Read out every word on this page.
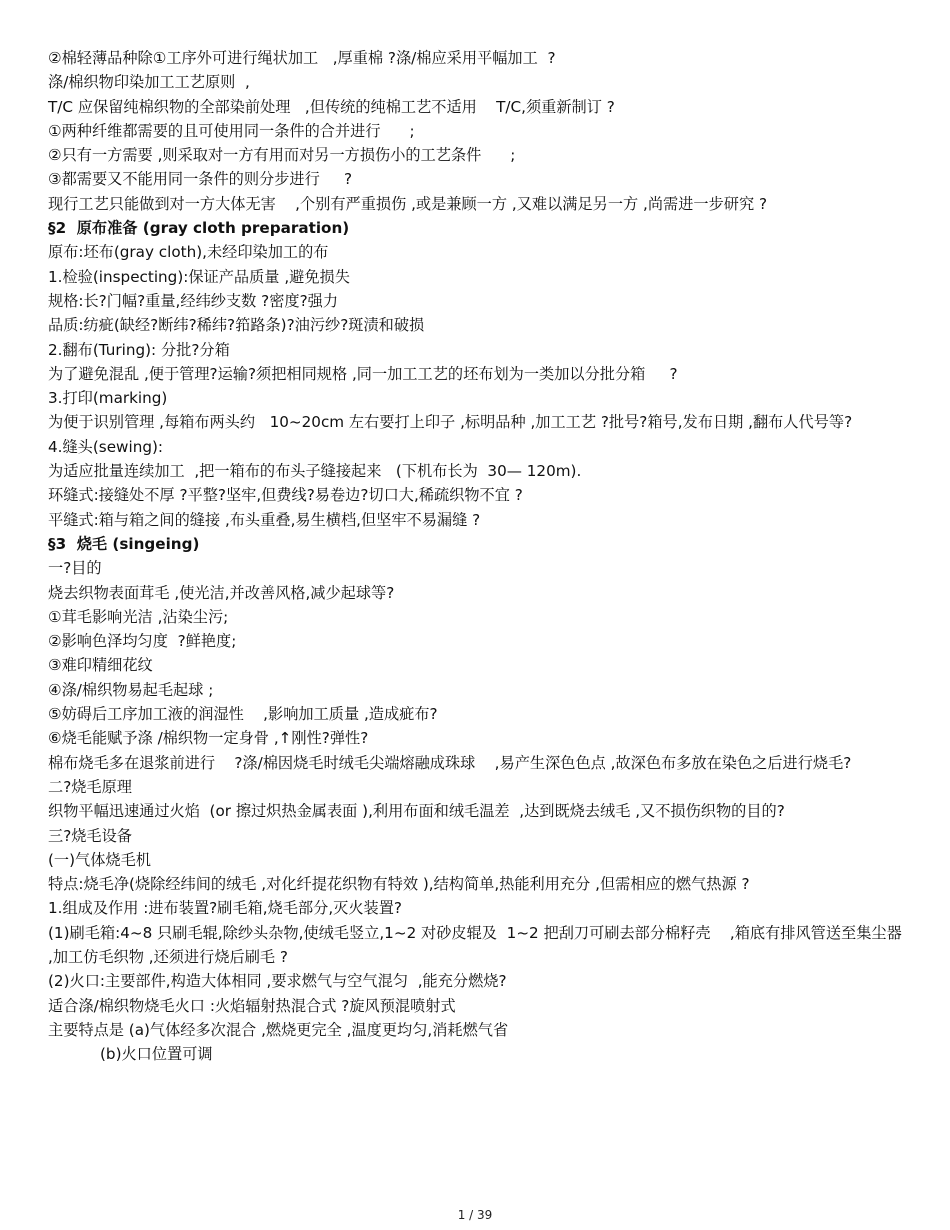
②棉轻薄品种除①工序外可进行绳状加工   ,厚重棉 ?涤/棉应采用平幅加工  ?
涤/棉织物印染加工工艺原则  ,
T/C 应保留纯棉织物的全部染前处理   ,但传统的纯棉工艺不适用    T/C,须重新制订 ?
①两种纤维都需要的且可使用同一条件的合并进行      ;
②只有一方需要 ,则采取对一方有用而对另一方损伤小的工艺条件      ;
③都需要又不能用同一条件的则分步进行     ?
现行工艺只能做到对一方大体无害    ,个别有严重损伤 ,或是兼顾一方 ,又难以满足另一方 ,尚需进一步研究 ?
§2  原布准备 (gray cloth preparation)
原布:坯布(gray cloth),未经印染加工的布
1.检验(inspecting):保证产品质量 ,避免损失
规格:长?门幅?重量,经纬纱支数 ?密度?强力
品质:纺疵(缺经?断纬?稀纬?筘路条)?油污纱?斑渍和破损
2.翻布(Turing): 分批?分箱
为了避免混乱 ,便于管理?运输?须把相同规格 ,同一加工工艺的坯布划为一类加以分批分箱     ?
3.打印(marking)
为便于识别管理 ,每箱布两头约   10~20cm 左右要打上印子 ,标明品种 ,加工工艺 ?批号?箱号,发布日期 ,翻布人代号等?
4.缝头(sewing):
为适应批量连续加工  ,把一箱布的布头子缝接起来   (下机布长为  30— 120m).
环缝式:接缝处不厚 ?平整?坚牢,但费线?易卷边?切口大,稀疏织物不宜 ?
平缝式:箱与箱之间的缝接 ,布头重叠,易生横档,但坚牢不易漏缝 ?
§3  烧毛 (singeing)
一?目的
烧去织物表面茸毛 ,使光洁,并改善风格,减少起球等?
①茸毛影响光洁 ,沾染尘污;
②影响色泽均匀度  ?鲜艳度;
③难印精细花纹
④涤/棉织物易起毛起球 ;
⑤妨碍后工序加工液的润湿性    ,影响加工质量 ,造成疵布?
⑥烧毛能赋予涤 /棉织物一定身骨 ,↑刚性?弹性?
棉布烧毛多在退浆前进行    ?涤/棉因烧毛时绒毛尖端熔融成珠球    ,易产生深色色点 ,故深色布多放在染色之后进行烧毛?
二?烧毛原理
织物平幅迅速通过火焰  (or 擦过炽热金属表面 ),利用布面和绒毛温差  ,达到既烧去绒毛 ,又不损伤织物的目的?
三?烧毛设备
(一)气体烧毛机
特点:烧毛净(烧除经纬间的绒毛 ,对化纤提花织物有特效 ),结构简单,热能利用充分 ,但需相应的燃气热源 ?
1.组成及作用 :进布装置?刷毛箱,烧毛部分,灭火装置?
(1)刷毛箱:4~8 只刷毛辊,除纱头杂物,使绒毛竖立,1~2 对砂皮辊及  1~2 把刮刀可刷去部分棉籽壳    ,箱底有排风管送至集尘器 ,加工仿毛织物 ,还须进行烧后刷毛 ?
(2)火口:主要部件,构造大体相同 ,要求燃气与空气混匀  ,能充分燃烧?
适合涤/棉织物烧毛火口 :火焰辐射热混合式 ?旋风预混喷射式
主要特点是 (a)气体经多次混合 ,燃烧更完全 ,温度更均匀,消耗燃气省
(b)火口位置可调
1 / 39
